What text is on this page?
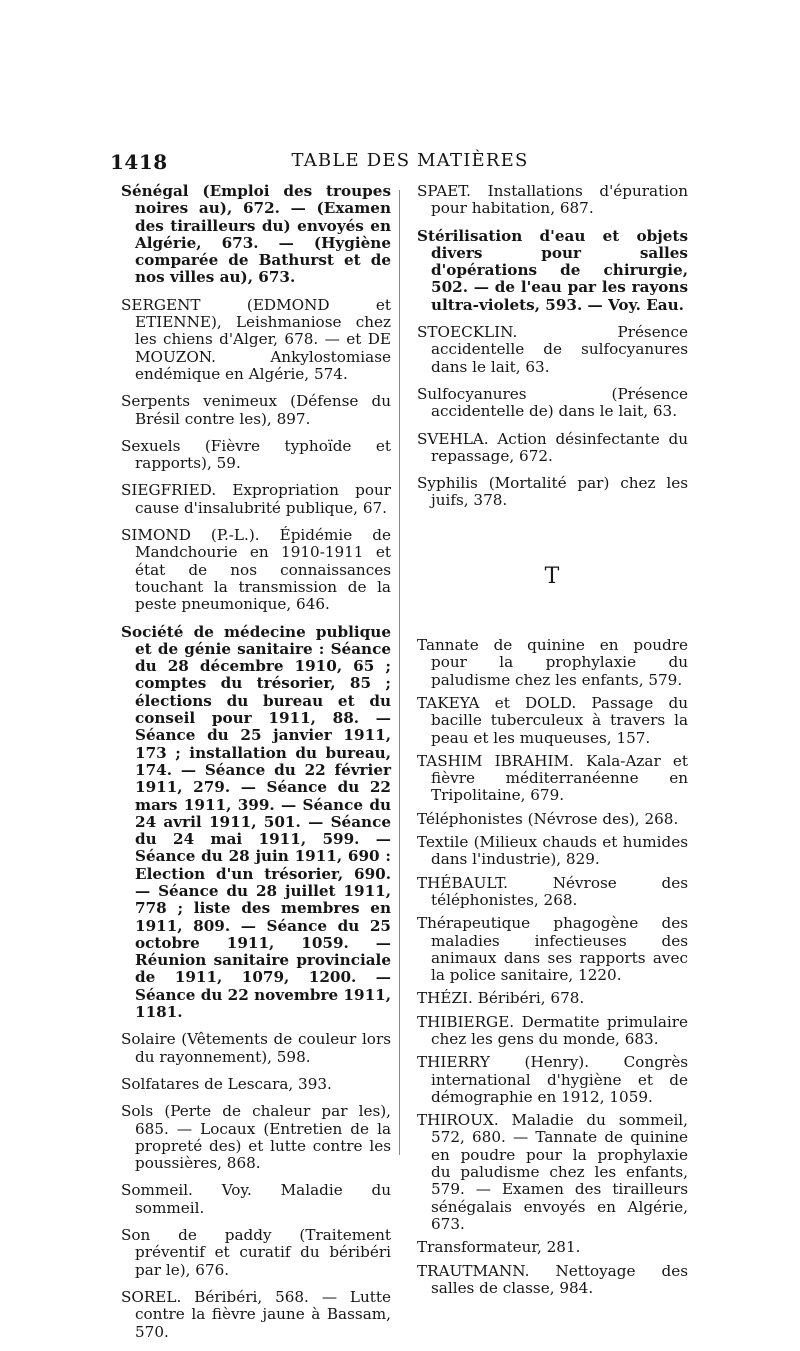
1418	TABLE DES MATIÈRES

Sénégal (Emploi des troupes noires au), 672. — (Examen des tirailleurs du) envoyés en Algérie, 673. — (Hygiène comparée de Bathurst et de nos villes au), 673.

SERGENT (EDMOND et ETIENNE), Leishmaniose chez les chiens d'Alger, 678. — et DE MOUZON. Ankylostomiase endémique en Algérie, 574.

Serpents venimeux (Défense du Brésil contre les), 897.

Sexuels (Fièvre typhoïde et rapports), 59.

SIEGFRIED. Expropriation pour cause d'insalubrité publique, 67.

SIMOND (P.-L.). Épidémie de Mandchourie en 1910-1911 et état de nos connaissances touchant la transmission de la peste pneumonique, 646.

Société de médecine publique et de génie sanitaire : Séance du 28 décembre 1910, 65 ; comptes du trésorier, 85 ; élections du bureau et du conseil pour 1911, 88. — Séance du 25 janvier 1911, 173 ; installation du bureau, 174. — Séance du 22 février 1911, 279. — Séance du 22 mars 1911, 399. — Séance du 24 avril 1911, 501. — Séance du 24 mai 1911, 599. — Séance du 28 juin 1911, 690 : Election d'un trésorier, 690. — Séance du 28 juillet 1911, 778 ; liste des membres en 1911, 809. — Séance du 25 octobre 1911, 1059. — Réunion sanitaire provinciale de 1911, 1079, 1200. — Séance du 22 novembre 1911, 1181.

Solaire (Vêtements de couleur lors du rayonnement), 598.

Solfatares de Lescara, 393.

Sols (Perte de chaleur par les), 685. — Locaux (Entretien de la propreté des) et lutte contre les poussières, 868.

Sommeil. Voy. Maladie du sommeil.

Son de paddy (Traitement préventif et curatif du béribéri par le), 676.

SOREL. Béribéri, 568. — Lutte contre la fièvre jaune à Bassam, 570.

SPAET. Installations d'épuration pour habitation, 687.

Stérilisation d'eau et objets divers pour salles d'opérations de chirurgie, 502. — de l'eau par les rayons ultra-violets, 593. — Voy. Eau.

STOECKLIN. Présence accidentelle de sulfocyanures dans le lait, 63.

Sulfocyanures (Présence accidentelle de) dans le lait, 63.

SVEHLA. Action désinfectante du repassage, 672.

Syphilis (Mortalité par) chez les juifs, 378.

T

Tannate de quinine en poudre pour la prophylaxie du paludisme chez les enfants, 579.

TAKEYA et DOLD. Passage du bacille tuberculeux à travers la peau et les muqueuses, 157.

TASHIM IBRAHIM. Kala-Azar et fièvre méditerranéenne en Tripolitaine, 679.

Téléphonistes (Névrose des), 268.

Textile (Milieux chauds et humides dans l'industrie), 829.

THÉBAULT. Névrose des téléphonistes, 268.

Thérapeutique phagogène des maladies infectieuses des animaux dans ses rapports avec la police sanitaire, 1220.

THÉZI. Béribéri, 678.

THIBIERGE. Dermatite primulaire chez les gens du monde, 683.

THIERRY (Henry). Congrès international d'hygiène et de démographie en 1912, 1059.

THIROUX. Maladie du sommeil, 572, 680. — Tannate de quinine en poudre pour la prophylaxie du paludisme chez les enfants, 579. — Examen des tirailleurs sénégalais envoyés en Algérie, 673.

Transformateur, 281.

TRAUTMANN. Nettoyage des salles de classe, 984.
